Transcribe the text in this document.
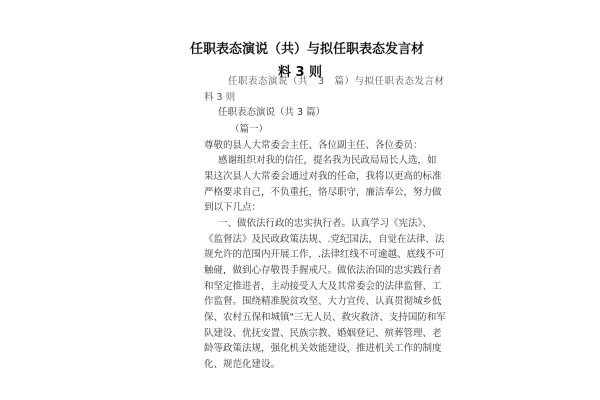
任职表态演说（共）与拟任职表态发言材
料 3 则
任职表态演说（共　3　篇）与拟任职表态发言材
料 3 则
任职表态演说（共 3 篇）
（篇一）
尊敬的县人大常委会主任、各位副主任、各位委员：
感谢组织对我的信任，提名我为民政局局长人选，如
果这次县人大常委会通过对我的任命，我将以更高的标准
严格要求自己，不负重托，恪尽职守，廉洁奉公，努力做
到以下几点：
一、做依法行政的忠实执行者。认真学习《宪法》、
《监督法》及民政政策法规、.党纪国法，自觉在法律、法
规允许的范围内开展工作，.法律红线不可逾越、底线不可
触碰，做到心存敬畏手握戒尺。做依法治国的忠实践行者
和坚定推进者，主动接受人大及其常委会的法律监督、工
作监督。围绕精准脱贫攻坚、大力宣传、认真贯彻城乡低
保、农村五保和城镇"三无人员、救灾救济、支持国防和军
队建设、优抚安置、民族宗教、婚姻登记、殡葬管理、老
龄等政策法规，强化机关效能建设，推进机关工作的制度
化、规范化建设。
